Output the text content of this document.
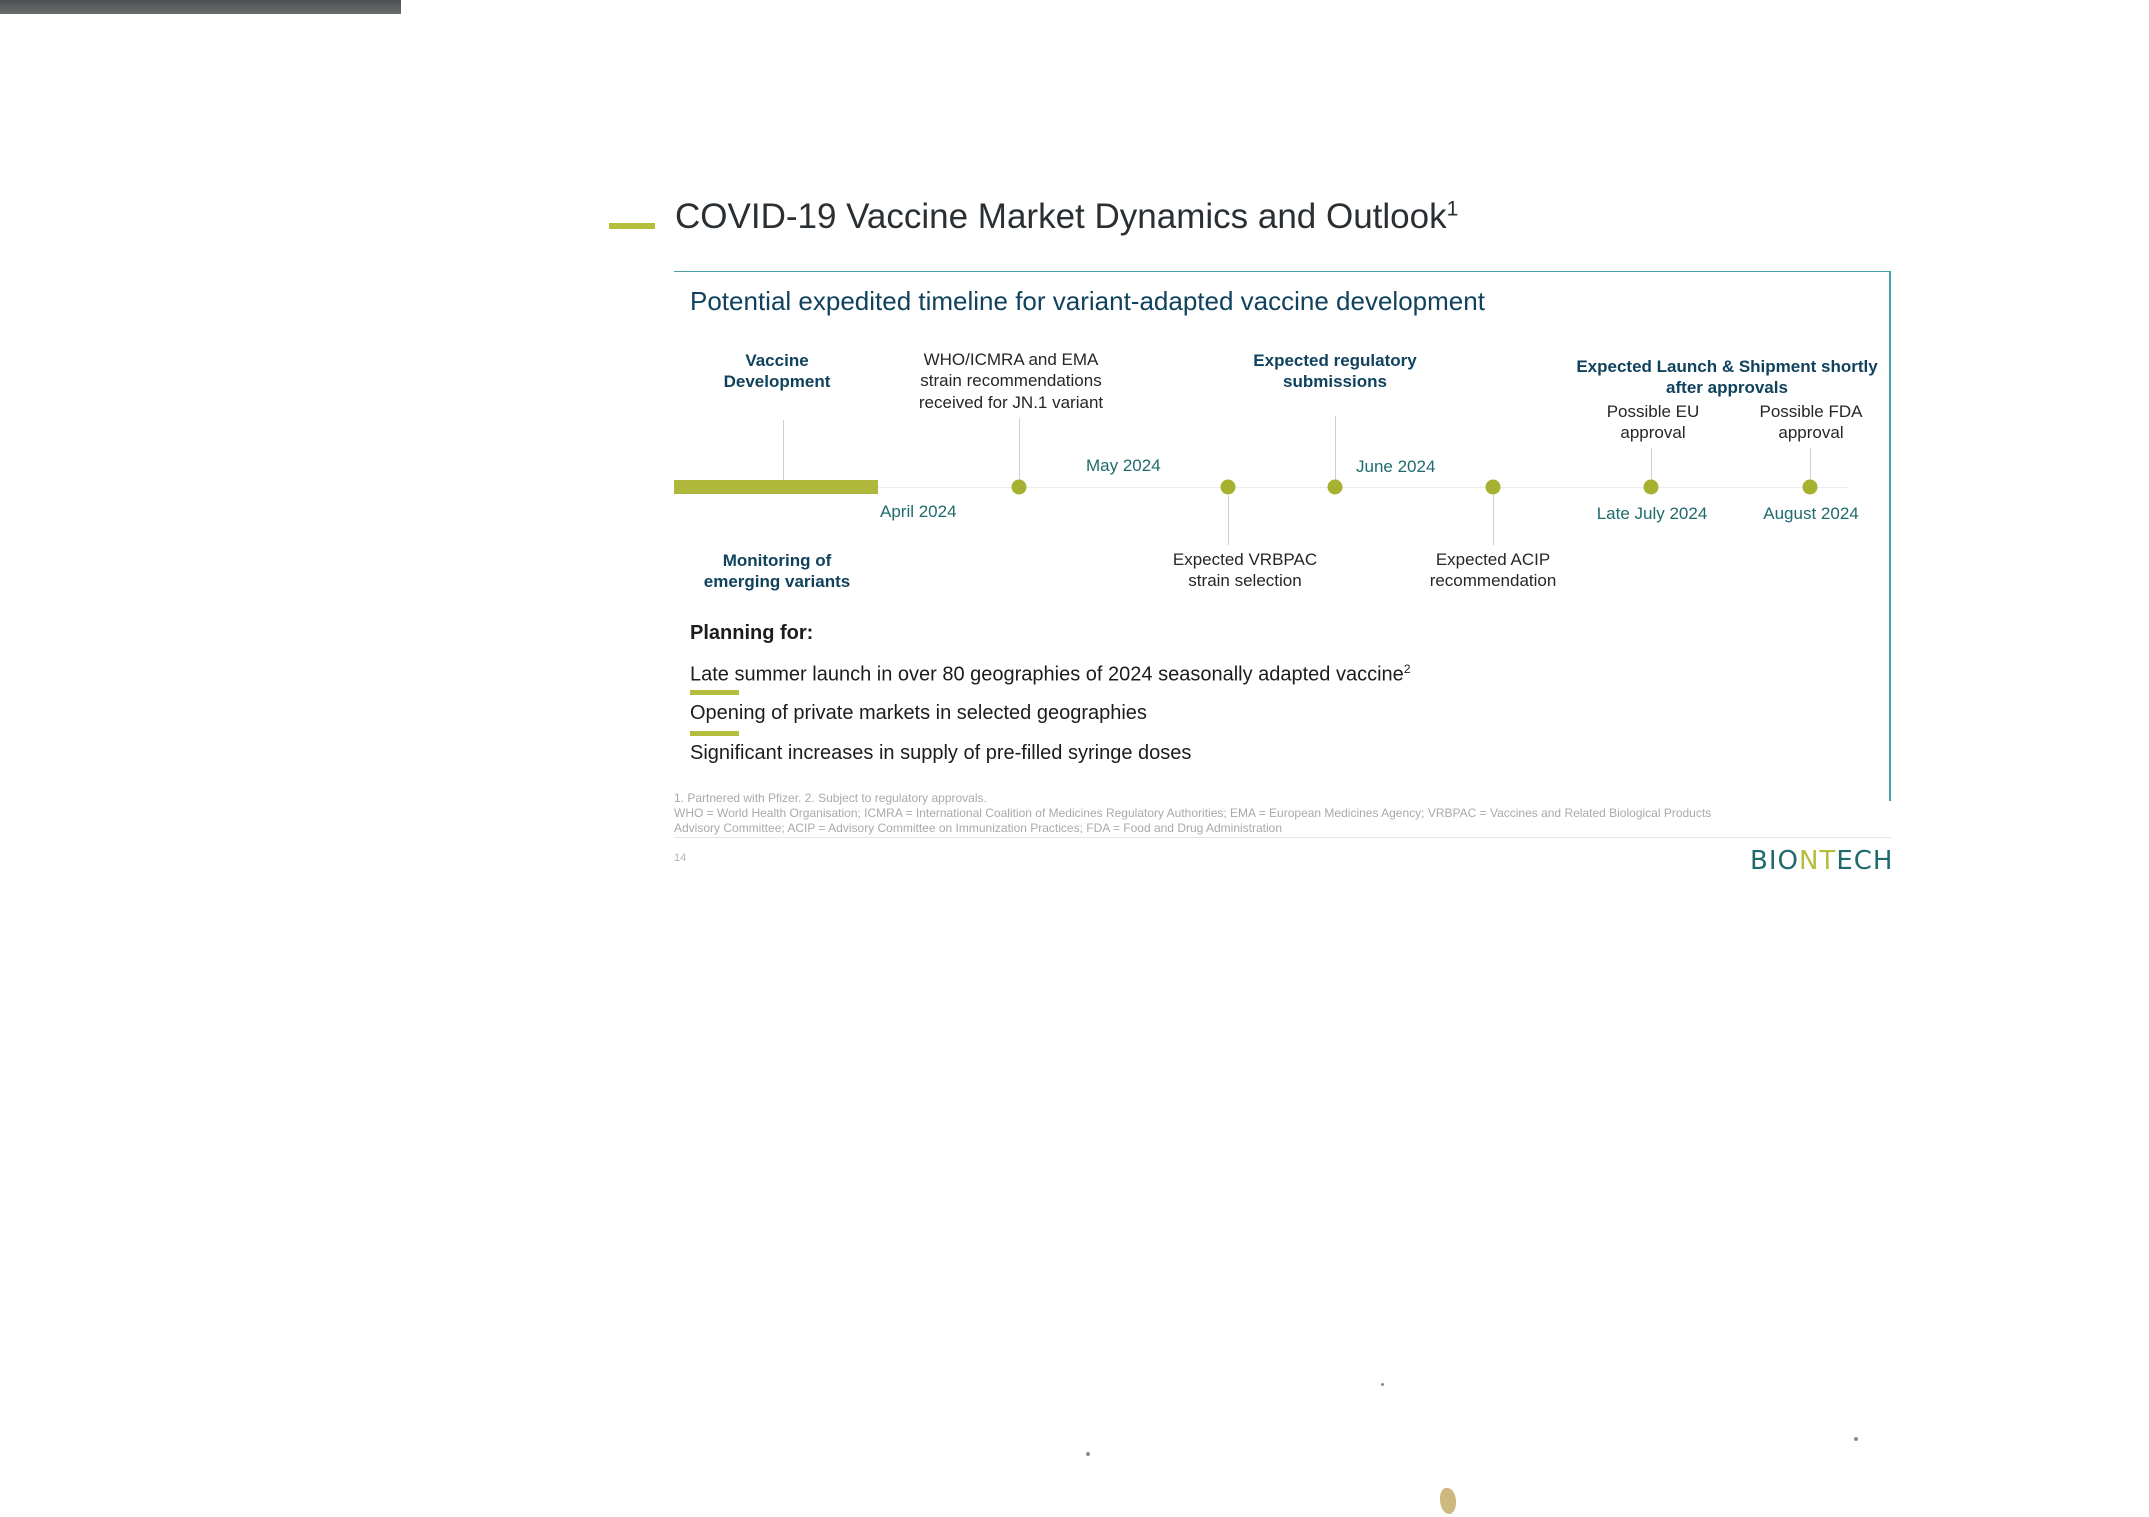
COVID-19 Vaccine Market Dynamics and Outlook$^1$
Potential expedited timeline for variant-adapted vaccine development
Vaccine
Development
WHO/ICMRA and EMA
strain recommendations
received for JN.1 variant
Expected regulatory
submissions
Expected Launch & Shipment shortly
after approvals
Possible EU
approval
Possible FDA
approval
April 2024
May 2024	June 2024
Late July 2024	August 2024
Monitoring of
emerging variants
Expected VRBPAC
strain selection
Expected ACIP
recommendation
Planning for:
Late summer launch in over 80 geographies of 2024 seasonally adapted vaccine$^2$
Opening of private markets in selected geographies
Significant increases in supply of pre-filled syringe doses
1. Partnered with Pfizer. 2. Subject to regulatory approvals.
WHO = World Health Organisation; ICMRA = International Coalition of Medicines Regulatory Authorities; EMA = European Medicines Agency; VRBPAC = Vaccines and Related Biological Products
Advisory Committee; ACIP = Advisory Committee on Immunization Practices; FDA = Food and Drug Administration
14	BIONTECH
